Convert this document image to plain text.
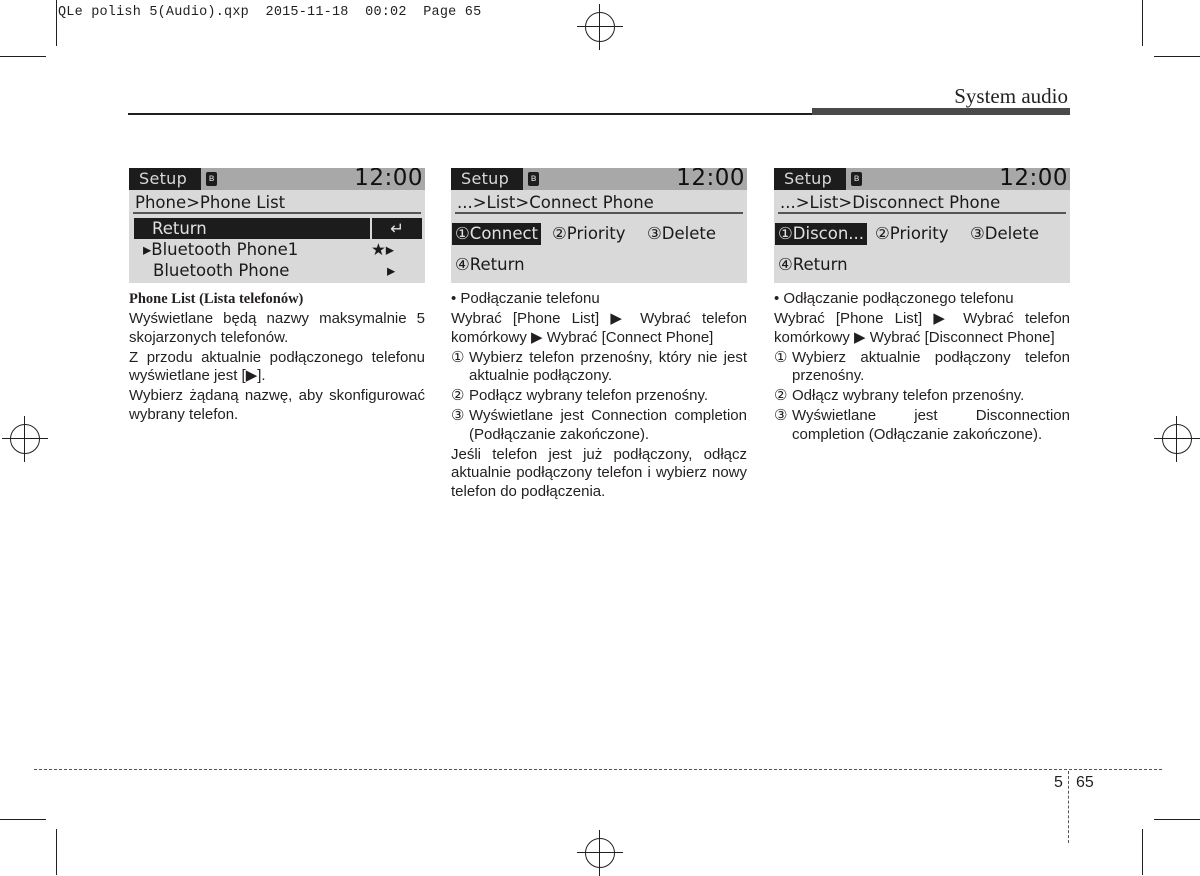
QLe polish 5(Audio).qxp  2015-11-18  00:02  Page 65
System audio
Setup	ʙ	12:00
Phone>Phone List
Return	↵
▸Bluetooth Phone1	★▸
Bluetooth Phone	▸
Setup	ʙ	12:00
...>List>Connect Phone
①Connect ②Priority ③Delete
④Return
Setup	ʙ	12:00
...>List>Disconnect Phone
①Discon... ②Priority ③Delete
④Return

Phone List (Lista telefonów)

Wyświetlane będą nazwy maksymalnie 5 skojarzonych telefonów.

Z przodu aktualnie podłączonego telefonu wyświetlane jest [▶].

Wybierz żądaną nazwę, aby skonfigurować wybrany telefon.

• Podłączanie telefonu

Wybrać [Phone List] ▶ Wybrać telefon komórkowy ▶ Wybrać [Connect Phone]

① Wybierz telefon przenośny, który nie jest aktualnie podłączony.
② Podłącz wybrany telefon przenośny.
③ Wyświetlane jest Connection completion (Podłączanie zakończone).

Jeśli telefon jest już podłączony, odłącz aktualnie podłączony telefon i wybierz nowy telefon do podłączenia.

• Odłączanie podłączonego telefonu

Wybrać [Phone List] ▶ Wybrać telefon komórkowy ▶ Wybrać [Disconnect Phone]

① Wybierz aktualnie podłączony telefon przenośny.
② Odłącz wybrany telefon przenośny.
③ Wyświetlane jest Disconnection completion (Odłączanie zakończone).
5 65
